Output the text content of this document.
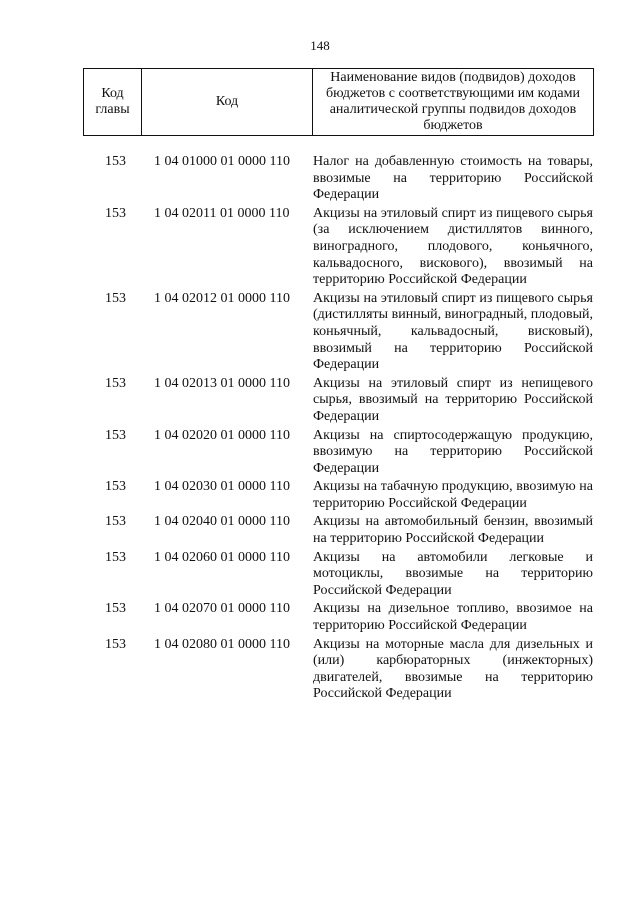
148
Код главы	Код	Наименование видов (подвидов) доходов бюджетов с соответствующими им кодами аналитической группы подвидов доходов бюджетов
153	1 04 01000 01 0000 110	Налог на добавленную стоимость на товары, ввозимые на территорию Российской Федерации
153	1 04 02011 01 0000 110	Акцизы на этиловый спирт из пищевого сырья (за исключением дистиллятов винного, виноградного, плодового, коньячного, кальвадосного, вискового), ввозимый на территорию Российской Федерации
153	1 04 02012 01 0000 110	Акцизы на этиловый спирт из пищевого сырья (дистилляты винный, виноградный, плодовый, коньячный, кальвадосный, висковый), ввозимый на территорию Российской Федерации
153	1 04 02013 01 0000 110	Акцизы на этиловый спирт из непищевого сырья, ввозимый на территорию Российской Федерации
153	1 04 02020 01 0000 110	Акцизы на спиртосодержащую продукцию, ввозимую на территорию Российской Федерации
153	1 04 02030 01 0000 110	Акцизы на табачную продукцию, ввозимую на территорию Российской Федерации
153	1 04 02040 01 0000 110	Акцизы на автомобильный бензин, ввозимый на территорию Российской Федерации
153	1 04 02060 01 0000 110	Акцизы на автомобили легковые и мотоциклы, ввозимые на территорию Российской Федерации
153	1 04 02070 01 0000 110	Акцизы на дизельное топливо, ввозимое на территорию Российской Федерации
153	1 04 02080 01 0000 110	Акцизы на моторные масла для дизельных и (или) карбюраторных (инжекторных) двигателей, ввозимые на территорию Российской Федерации
